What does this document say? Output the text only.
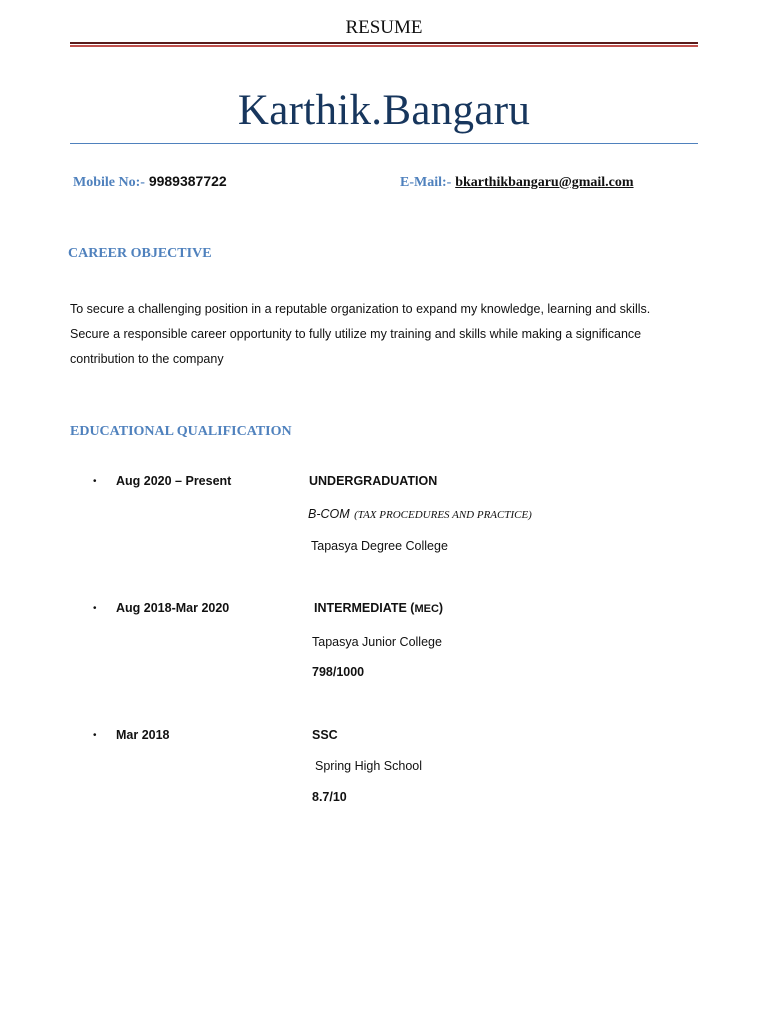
RESUME
Karthik.Bangaru
Mobile No:- 9989387722	E-Mail:- bkarthikbangaru@gmail.com
CAREER OBJECTIVE
To secure a challenging position in a reputable organization to expand my knowledge, learning and skills.
Secure a responsible career opportunity to fully utilize my training and skills while making a significance
contribution to the company
EDUCATIONAL QUALIFICATION
• Aug 2020 – Present	UNDERGRADUATION
B-COM (TAX PROCEDURES AND PRACTICE)
Tapasya Degree College
• Aug 2018-Mar 2020	INTERMEDIATE (MEC)
Tapasya Junior College
798/1000
• Mar 2018	SSC
Spring High School
8.7/10
